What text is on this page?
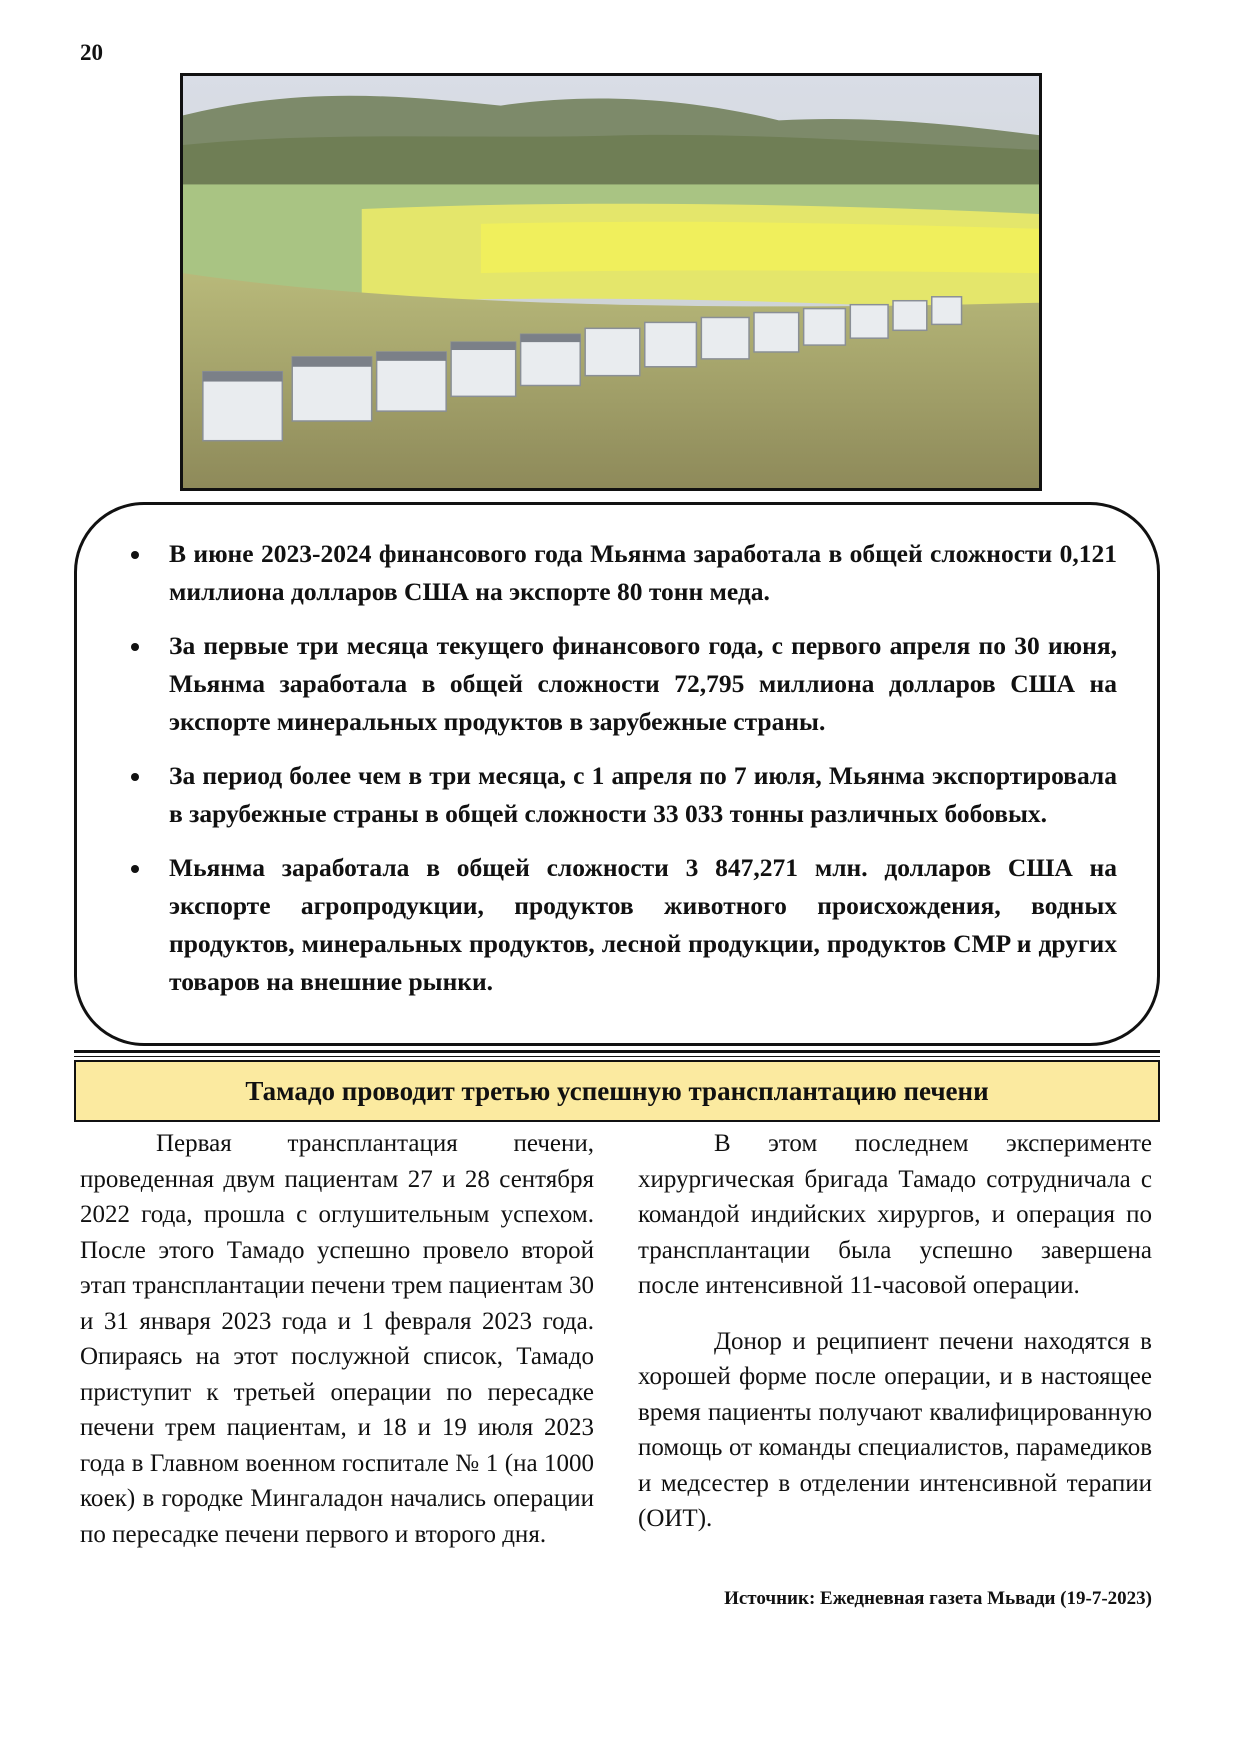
20
В июне 2023-2024 финансового года Мьянма заработала в общей сложности 0,121 миллиона долларов США на экспорте 80 тонн меда.
За первые три месяца текущего финансового года, с первого апреля по 30 июня, Мьянма заработала в общей сложности 72,795 миллиона долларов США на экспорте минеральных продуктов в зарубежные страны.
За период более чем в три месяца, с 1 апреля по 7 июля, Мьянма экспортировала в зарубежные страны в общей сложности 33 033 тонны различных бобовых.
Мьянма заработала в общей сложности 3 847,271 млн. долларов США на экспорте агропродукции, продуктов животного происхождения, водных продуктов, минеральных продуктов, лесной продукции, продуктов CMP и других товаров на внешние рынки.
Тамадо проводит третью успешную трансплантацию печени

Первая трансплантация печени, проведенная двум пациентам 27 и 28 сентября 2022 года, прошла с оглушительным успехом. После этого Тамадо успешно провело второй этап трансплантации печени трем пациентам 30 и 31 января 2023 года и 1 февраля 2023 года. Опираясь на этот послужной список, Тамадо приступит к третьей операции по пересадке печени трем пациентам, и 18 и 19 июля 2023 года в Главном военном госпитале № 1 (на 1000 коек) в городке Мингаладон начались операции по пересадке печени первого и второго дня.

В этом последнем эксперименте хирургическая бригада Тамадо сотрудничала с командой индийских хирургов, и операция по трансплантации была успешно завершена после интенсивной 11-часовой операции.

Донор и реципиент печени находятся в хорошей форме после операции, и в настоящее время пациенты получают квалифицированную помощь от команды специалистов, парамедиков и медсестер в отделении интенсивной терапии (ОИТ).

Источник: Ежедневная газета Мьвади (19-7-2023)
